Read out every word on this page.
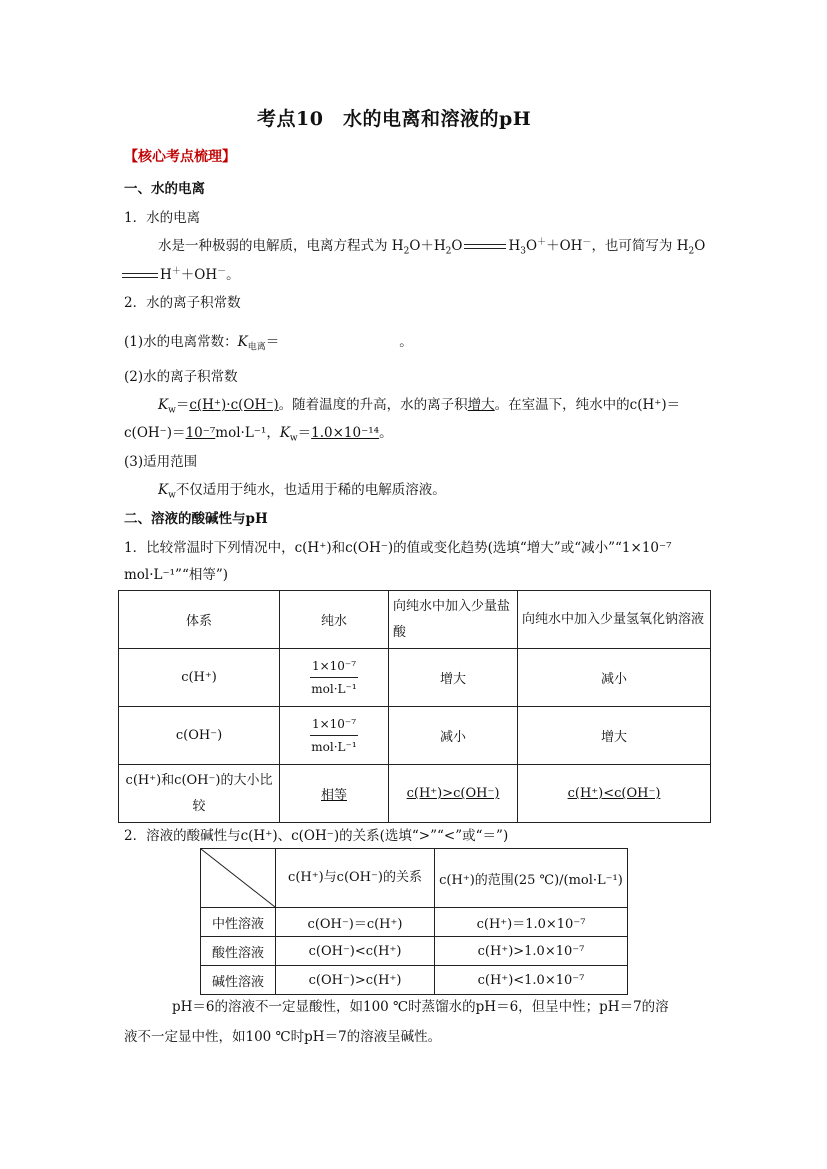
考点10　水的电离和溶液的pH
【核心考点梳理】
一、水的电离
1．水的电离
水是一种极弱的电解质，电离方程式为 $H_2O+H_2O$	$H_3O^++OH^-$，也可简写为 $H_2O$
H＋＋OH－。
2．水的离子积常数
(1)水的电离常数：$K_{电离}=$	。
(2)水的离子积常数
$K_w=c(H^+)\cdot c(OH^-)$。随着温度的升高，水的离子积增大。在室温下，纯水中的c(H⁺)＝
c(OH⁻)＝10⁻⁷mol·L⁻¹，$K_w=1.0\times 10^{-14}$。
(3)适用范围
$K_w$不仅适用于纯水，也适用于稀的电解质溶液。
二、溶液的酸碱性与pH
1．比较常温时下列情况中，c(H⁺)和c(OH⁻)的值或变化趋势(选填“增大”或“减小”“1×10⁻⁷
mol·L⁻¹”“相等”)
体系	纯水	向纯水中加入少量盐酸	向纯水中加入少量氢氧化钠溶液
c(H⁺)	$\frac{\text{1×10⁻⁷}}{\text{mol·L⁻¹}}$	增大	减小
c(OH⁻)	$\frac{\text{1×10⁻⁷}}{\text{mol·L⁻¹}}$	减小	增大
c(H⁺)和c(OH⁻)的大小比较	相等	c(H⁺)>c(OH⁻)	c(H⁺)<c(OH⁻)
2．溶液的酸碱性与c(H⁺)、c(OH⁻)的关系(选填“>”“<”或“＝”)
	c(H⁺)与c(OH⁻)的关系	c(H⁺)的范围(25 ℃)/(mol·L⁻¹)
中性溶液	c(OH⁻)＝c(H⁺)	c(H⁺)＝1.0×10⁻⁷
酸性溶液	c(OH⁻)<c(H⁺)	c(H⁺)>1.0×10⁻⁷
碱性溶液	c(OH⁻)>c(H⁺)	c(H⁺)<1.0×10⁻⁷
pH＝6的溶液不一定显酸性，如100 ℃时蒸馏水的pH＝6，但呈中性；pH＝7的溶
液不一定显中性，如100 ℃时pH＝7的溶液呈碱性。
